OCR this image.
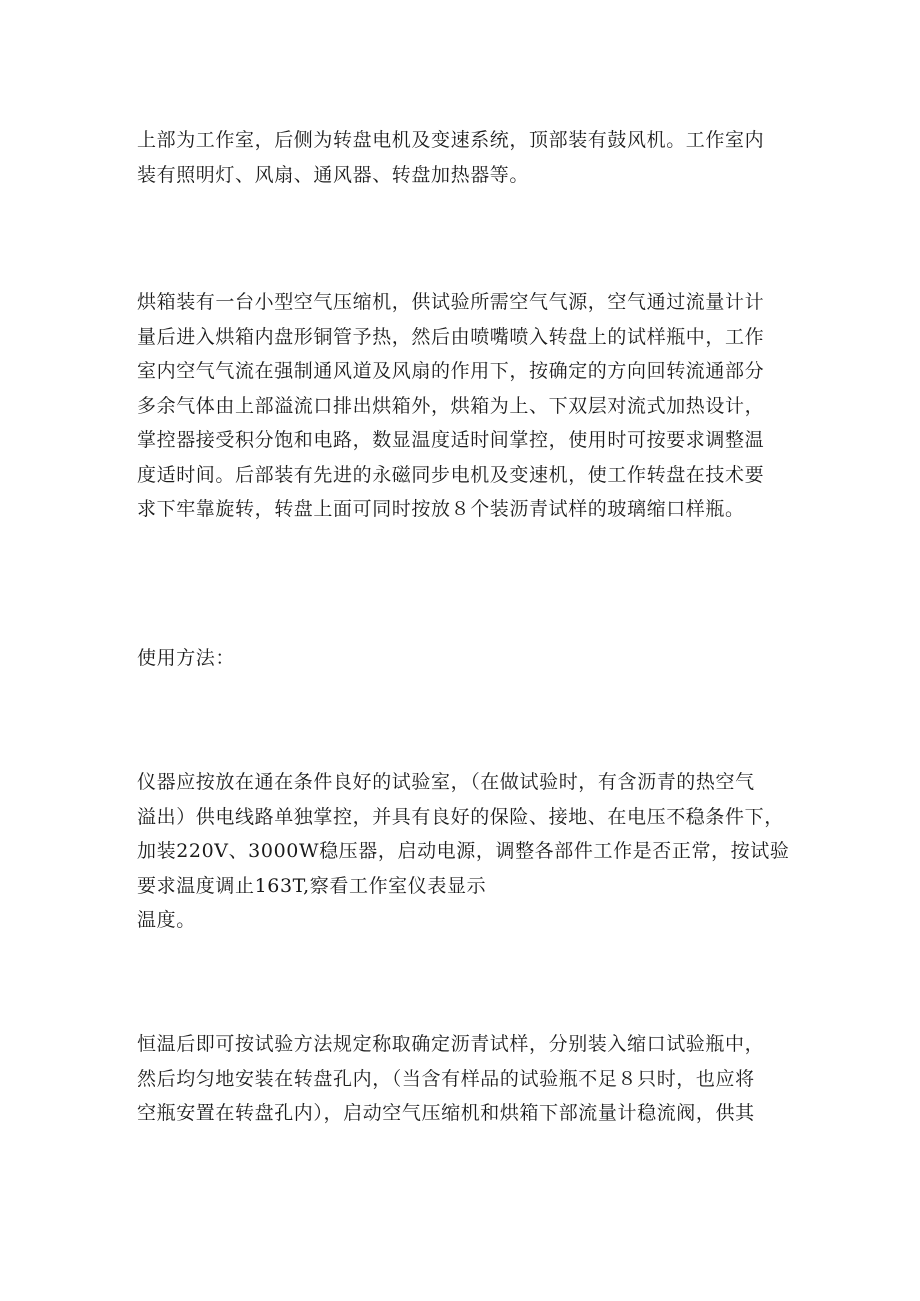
上部为工作室，后侧为转盘电机及变速系统，顶部装有鼓风机。工作室内
装有照明灯、风扇、通风器、转盘加热器等。
烘箱装有一台小型空气压缩机，供试验所需空气气源，空气通过流量计计
量后进入烘箱内盘形铜管予热，然后由喷嘴喷入转盘上的试样瓶中，工作
室内空气气流在强制通风道及风扇的作用下，按确定的方向回转流通部分
多余气体由上部溢流口排出烘箱外，烘箱为上、下双层对流式加热设计，
掌控器接受积分饱和电路，数显温度适时间掌控，使用时可按要求调整温
度适时间。后部装有先进的永磁同步电机及变速机，使工作转盘在技术要
求下牢靠旋转，转盘上面可同时按放８个装沥青试样的玻璃缩口样瓶。
使用方法：
仪器应按放在通在条件良好的试验室，（在做试验时，有含沥青的热空气
溢出）供电线路单独掌控，并具有良好的保险、接地、在电压不稳条件下，
加装220V、3000W稳压器，启动电源，调整各部件工作是否正常，按试验
要求温度调止163T,察看工作室仪表显示
温度。
恒温后即可按试验方法规定称取确定沥青试样，分别装入缩口试验瓶中，
然后均匀地安装在转盘孔内，（当含有样品的试验瓶不足８只时，也应将
空瓶安置在转盘孔内），启动空气压缩机和烘箱下部流量计稳流阀，供其
